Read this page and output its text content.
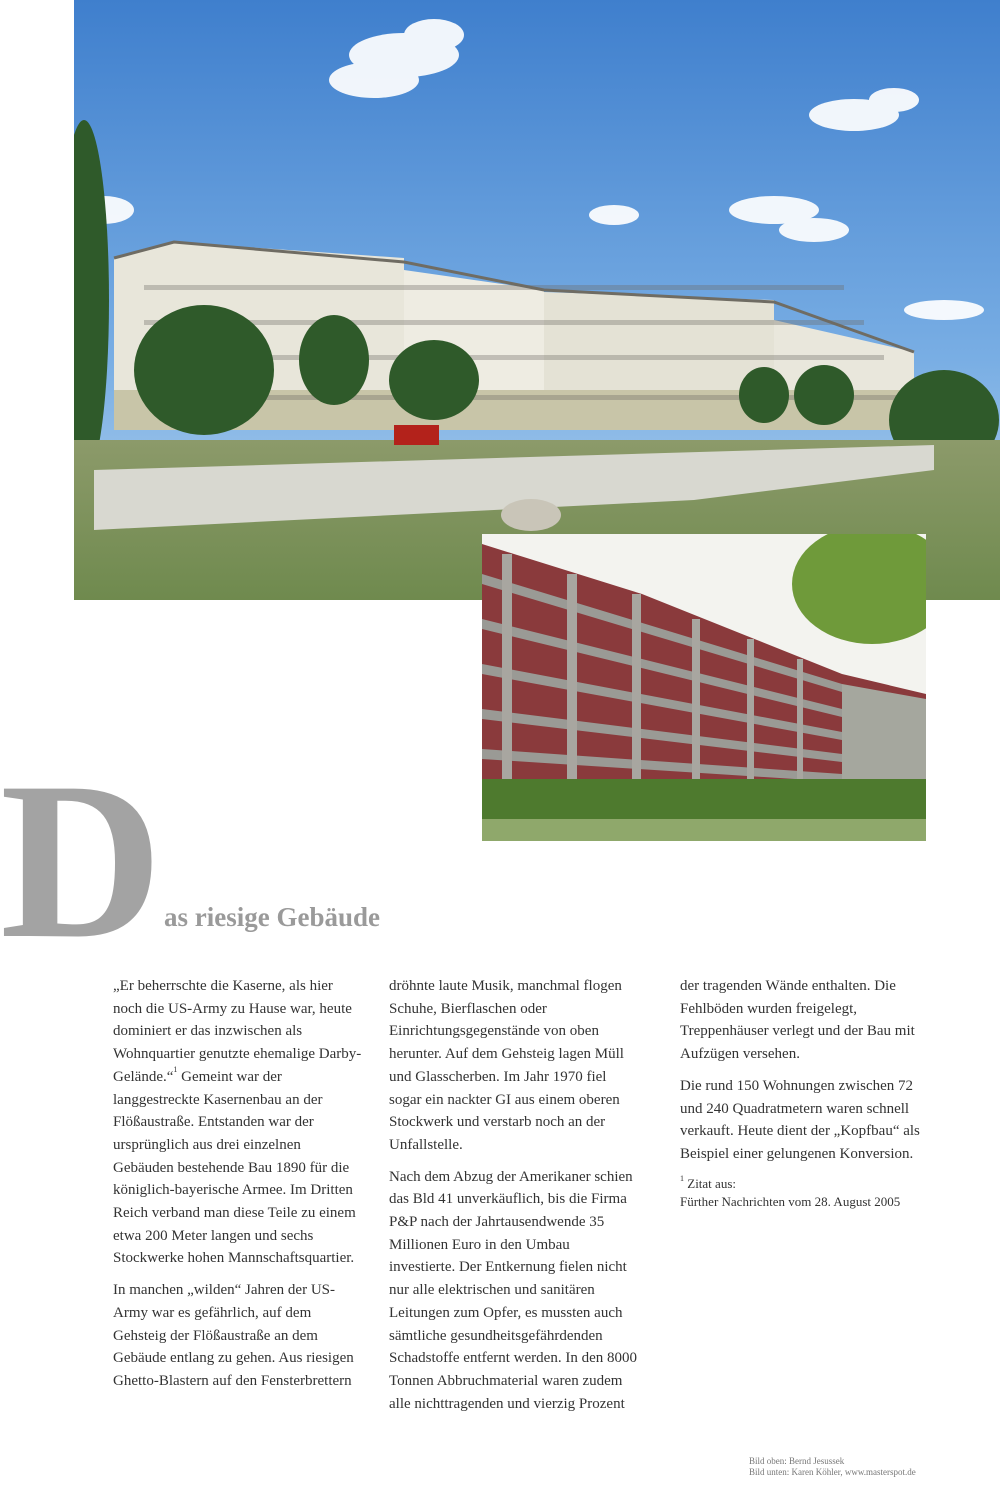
D as riesige Gebäude

„Er beherrschte die Kaserne, als hier noch die US-Army zu Hause war, heute dominiert er das inzwischen als Wohnquartier genutzte ehemalige Darby-Gelände.“$^1$ Gemeint war der langgestreckte Kasernenbau an der Flößaustraße. Entstanden war der ursprünglich aus drei einzelnen Gebäuden bestehende Bau 1890 für die königlich-bayerische Armee. Im Dritten Reich verband man diese Teile zu einem etwa 200 Meter langen und sechs Stockwerke hohen Mannschaftsquartier.

In manchen „wilden“ Jahren der US-Army war es gefährlich, auf dem Gehsteig der Flößaustraße an dem Gebäude entlang zu gehen. Aus riesigen Ghetto-Blastern auf den Fensterbrettern

dröhnte laute Musik, manchmal flogen Schuhe, Bierflaschen oder Einrichtungsgegenstände von oben herunter. Auf dem Gehsteig lagen Müll und Glasscherben. Im Jahr 1970 fiel sogar ein nackter GI aus einem oberen Stockwerk und verstarb noch an der Unfallstelle.

Nach dem Abzug der Amerikaner schien das Bld 41 unverkäuflich, bis die Firma P&P nach der Jahrtausendwende 35 Millionen Euro in den Umbau investierte. Der Entkernung fielen nicht nur alle elektrischen und sanitären Leitungen zum Opfer, es mussten auch sämtliche gesundheitsgefährdenden Schadstoffe entfernt werden. In den 8000 Tonnen Abbruchmaterial waren zudem alle nichttragenden und vierzig Prozent

der tragenden Wände enthalten. Die Fehlböden wurden freigelegt, Treppenhäuser verlegt und der Bau mit Aufzügen versehen.

Die rund 150 Wohnungen zwischen 72 und 240 Quadratmetern waren schnell verkauft. Heute dient der „Kopfbau“ als Beispiel einer gelungenen Konversion.

$^1$ Zitat aus:
Fürther Nachrichten vom 28. August 2005
Bild oben: Bernd Jesussek
Bild unten: Karen Köhler, www.masterspot.de
